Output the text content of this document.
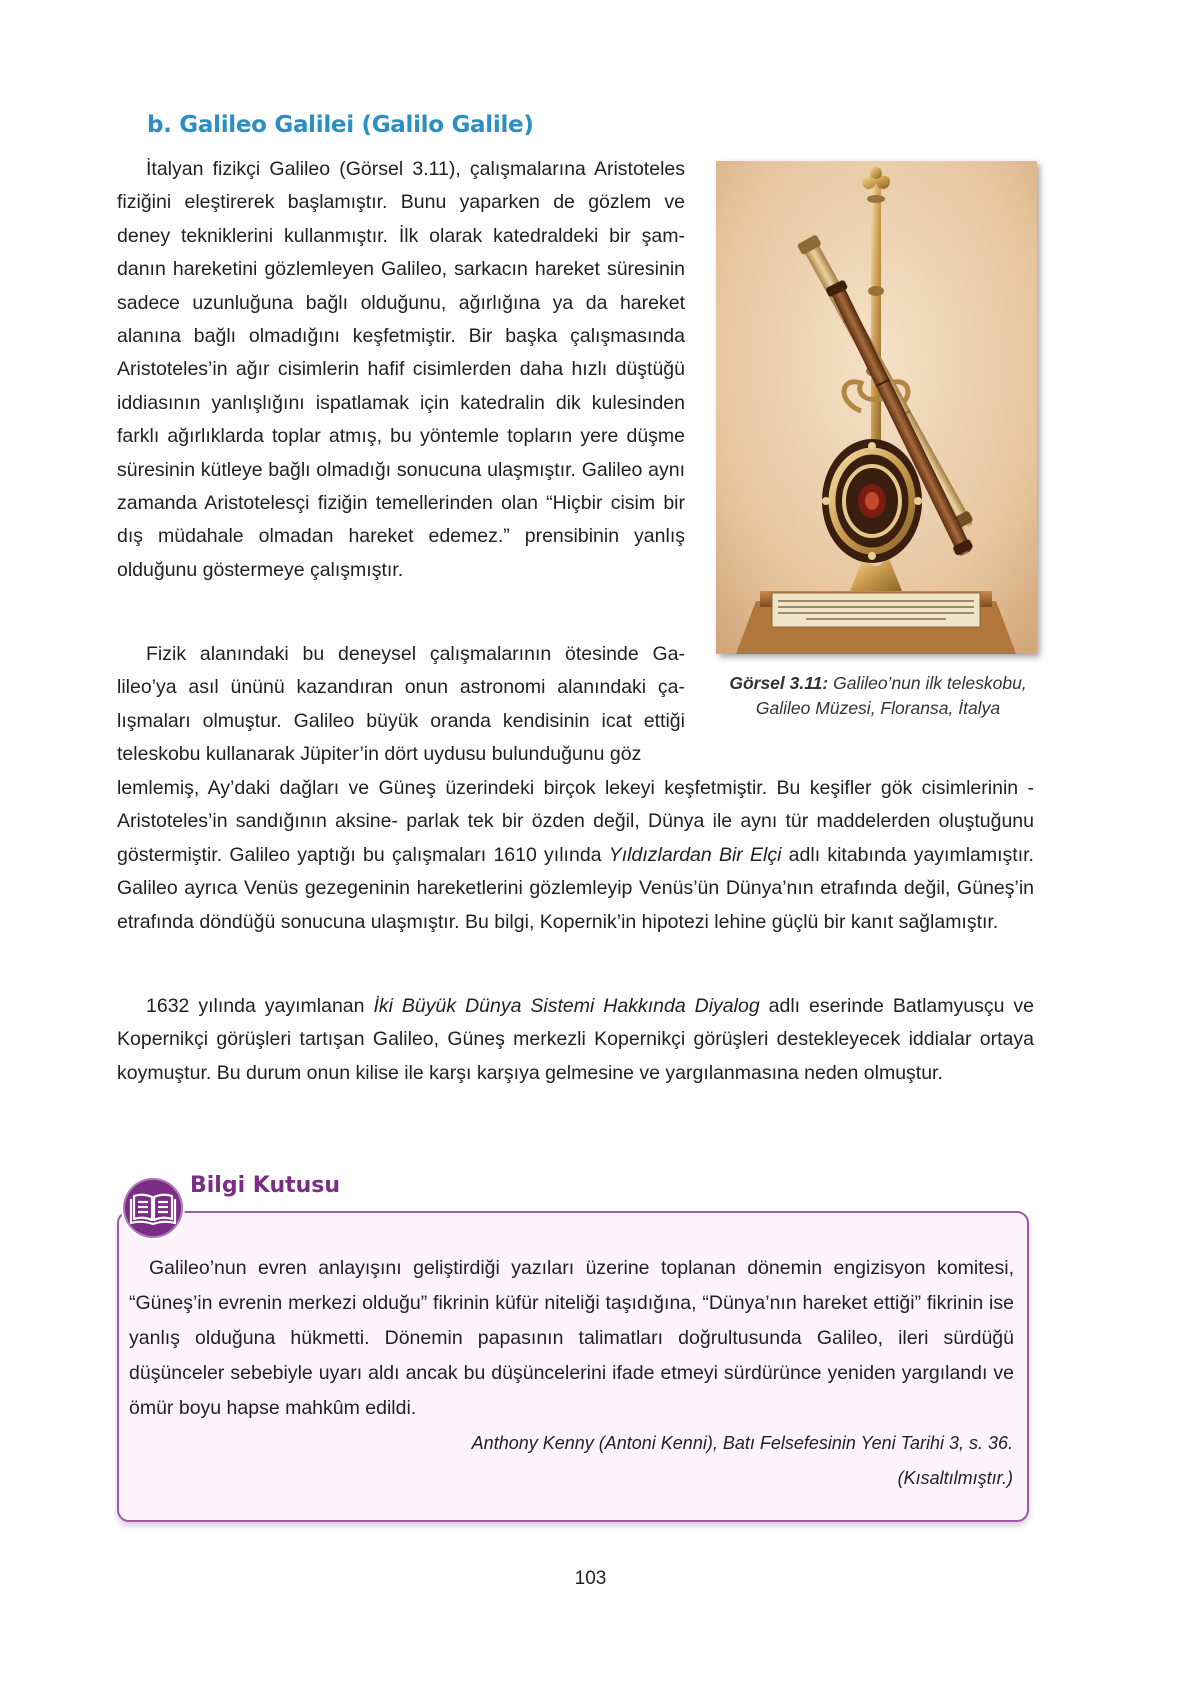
b. Galileo Galilei (Galilo Galile)

İtalyan fizikçi Galileo (Görsel 3.11), çalışmalarına Aristoteles fiziğini eleştirerek başlamıştır. Bunu yaparken de gözlem ve deney tekniklerini kullanmıştır. İlk olarak katedraldeki bir şamdanın hareketini gözlemleyen Galileo, sarkacın hareket süresinin sadece uzunluğuna bağlı olduğunu, ağırlığına ya da hareket alanına bağlı olmadığını keşfetmiştir. Bir başka çalışmasında Aristoteles’in ağır cisimlerin hafif cisimlerden daha hızlı düştüğü iddiasının yanlışlığını ispatlamak için katedralin dik kulesinden farklı ağırlıklarda toplar atmış, bu yöntemle topların yere düşme süresinin kütleye bağlı olmadığı sonucuna ulaşmıştır. Galileo aynı zamanda Aristotelesçi fiziğin temellerinden olan “Hiçbir cisim bir dış müdahale olmadan hareket edemez.” prensibinin yanlış olduğunu göstermeye çalışmıştır.

Fizik alanındaki bu deneysel çalışmalarının ötesinde Galileo’ya asıl ününü kazandıran onun astronomi alanındaki çalışmaları olmuştur. Galileo büyük oranda kendisinin icat ettiği teleskobu kullanarak Jüpiter’in dört uydusu bulunduğunu göz

lemlemiş, Ay’daki dağları ve Güneş üzerindeki birçok lekeyi keşfetmiştir. Bu keşifler gök cisimlerinin -Aristoteles’in sandığının aksine- parlak tek bir özden değil, Dünya ile aynı tür maddelerden oluştuğunu göstermiştir. Galileo yaptığı bu çalışmaları 1610 yılında Yıldızlardan Bir Elçi adlı kitabında yayımlamıştır. Galileo ayrıca Venüs gezegeninin hareketlerini gözlemleyip Venüs’ün Dünya’nın etrafında değil, Güneş’in etrafında döndüğü sonucuna ulaşmıştır. Bu bilgi, Kopernik’in hipotezi lehine güçlü bir kanıt sağlamıştır.

1632 yılında yayımlanan İki Büyük Dünya Sistemi Hakkında Diyalog adlı eserinde Batlamyusçu ve Kopernikçi görüşleri tartışan Galileo, Güneş merkezli Kopernikçi görüşleri destekleyecek iddialar ortaya koymuştur. Bu durum onun kilise ile karşı karşıya gelmesine ve yargılanmasına neden olmuştur.

Görsel 3.11: Galileo’nun ilk teleskobu, Galileo Müzesi, Floransa, İtalya

Bilgi Kutusu

Galileo’nun evren anlayışını geliştirdiği yazıları üzerine toplanan dönemin engizisyon komitesi, “Güneş’in evrenin merkezi olduğu” fikrinin küfür niteliği taşıdığına, “Dünya’nın hareket ettiği” fikrinin ise yanlış olduğuna hükmetti. Dönemin papasının talimatları doğrultusunda Galileo, ileri sürdüğü düşünceler sebebiyle uyarı aldı ancak bu düşüncelerini ifade etmeyi sürdürünce yeniden yargılandı ve ömür boyu hapse mahkûm edildi.

Anthony Kenny (Antoni Kenni), Batı Felsefesinin Yeni Tarihi 3, s. 36.

(Kısaltılmıştır.)

103
